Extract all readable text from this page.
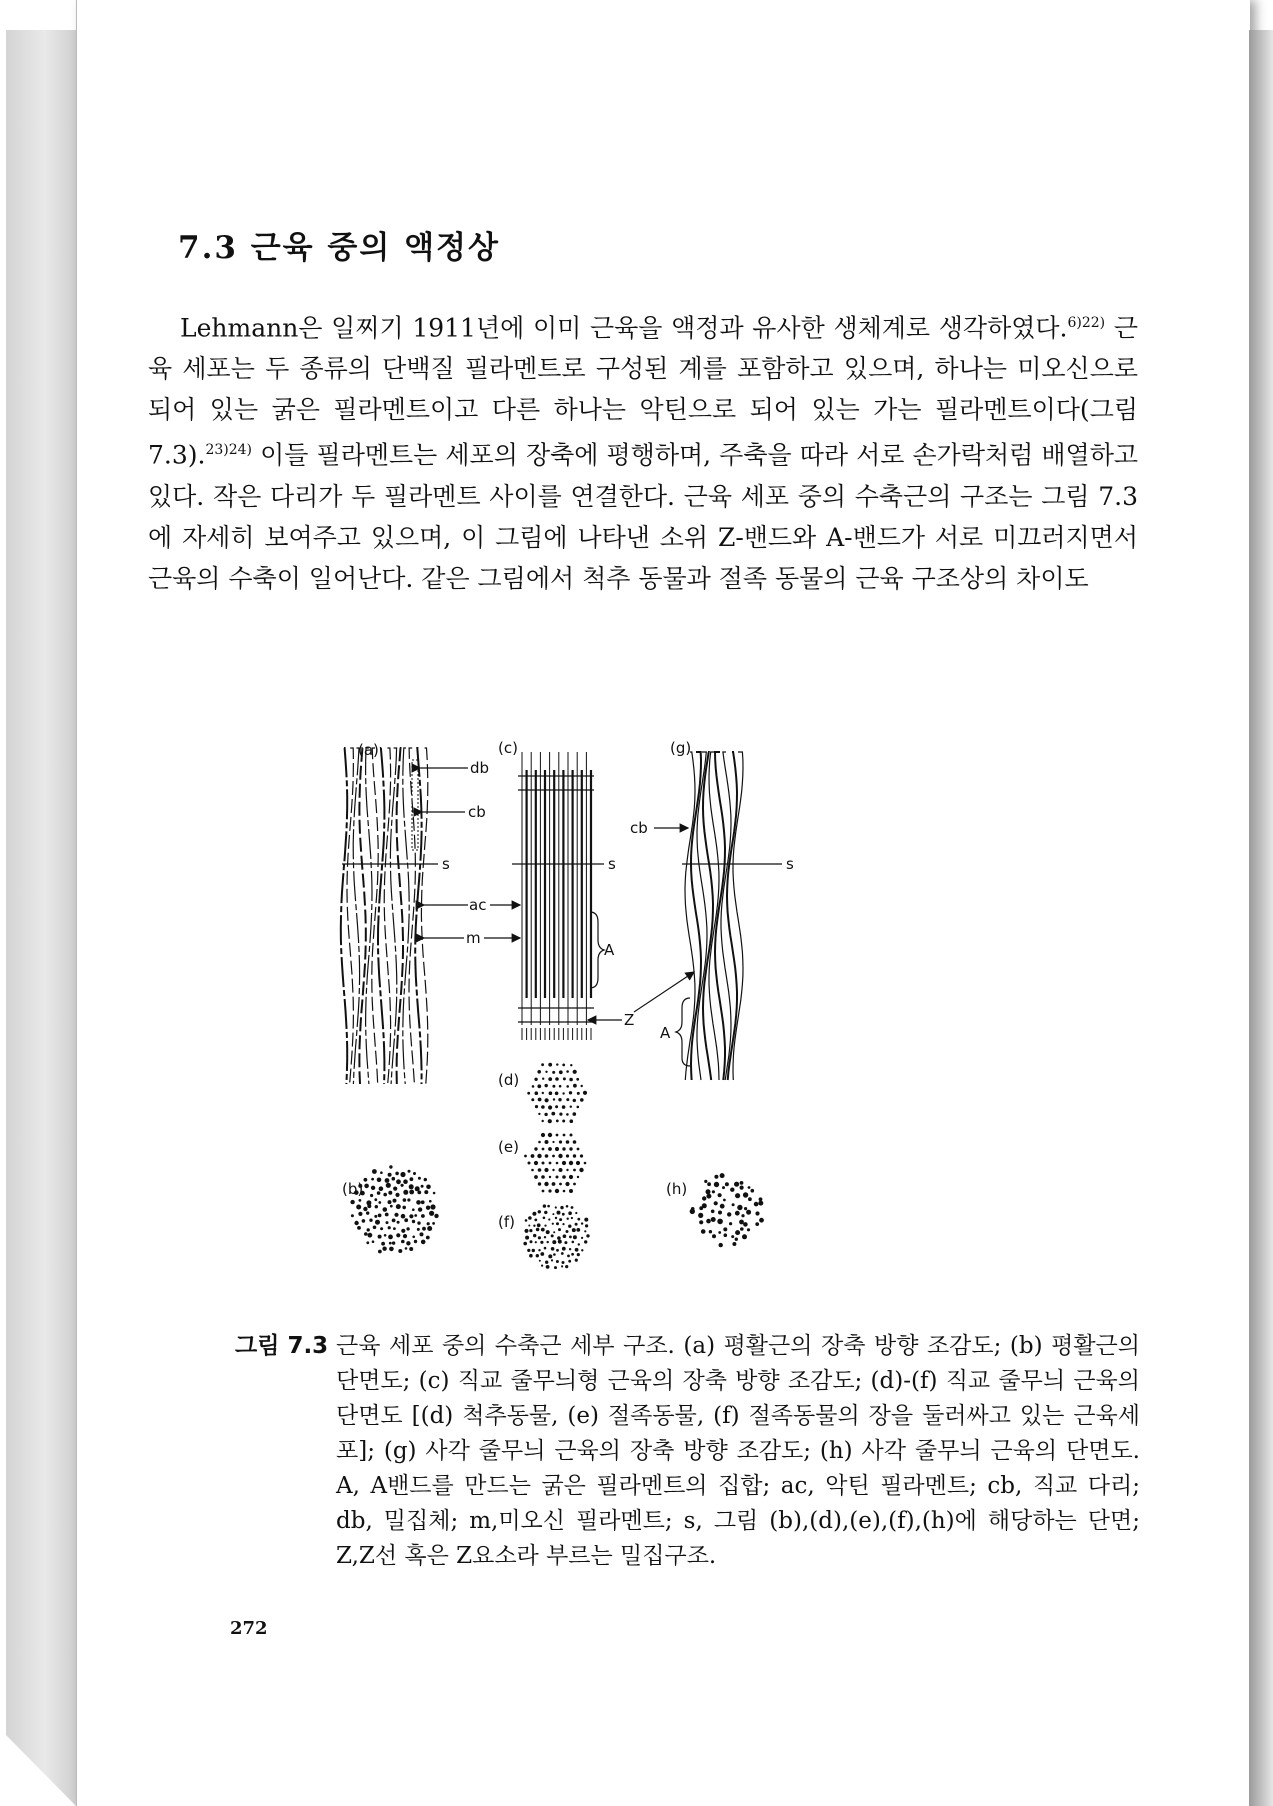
7.3 근육 중의 액정상
Lehmann은 일찌기 1911년에 이미 근육을 액정과 유사한 생체계로 생각하였다.$^{6)22)}$ 근육 세포는 두 종류의 단백질 필라멘트로 구성된 계를 포함하고 있으며, 하나는 미오신으로 되어 있는 굵은 필라멘트이고 다른 하나는 악틴으로 되어 있는 가는 필라멘트이다(그림 7.3).$^{23)24)}$ 이들 필라멘트는 세포의 장축에 평행하며, 주축을 따라 서로 손가락처럼 배열하고 있다. 작은 다리가 두 필라멘트 사이를 연결한다. 근육 세포 중의 수축근의 구조는 그림 7.3에 자세히 보여주고 있으며, 이 그림에 나타낸 소위 Z-밴드와 A-밴드가 서로 미끄러지면서 근육의 수축이 일어난다. 같은 그림에서 척추 동물과 절족 동물의 근육 구조상의 차이도
(a)
db
cb
s
ac
m
(c)
s
A
Z
(g)
cb
s
A
(b)
(d)
(e)
(f)
(h)
그림 7.3 근육 세포 중의 수축근 세부 구조. (a) 평활근의 장축 방향 조감도; (b) 평활근의 단면도; (c) 직교 줄무늬형 근육의 장축 방향 조감도; (d)-(f) 직교 줄무늬 근육의 단면도 [(d) 척추동물, (e) 절족동물, (f) 절족동물의 장을 둘러싸고 있는 근육세포]; (g) 사각 줄무늬 근육의 장축 방향 조감도; (h) 사각 줄무늬 근육의 단면도. A, A밴드를 만드는 굵은 필라멘트의 집합; ac, 악틴 필라멘트; cb, 직교 다리; db, 밀집체; m,미오신 필라멘트; s, 그림 (b),(d),(e),(f),(h)에 해당하는 단면; Z,Z선 혹은 Z요소라 부르는 밀집구조.
272
